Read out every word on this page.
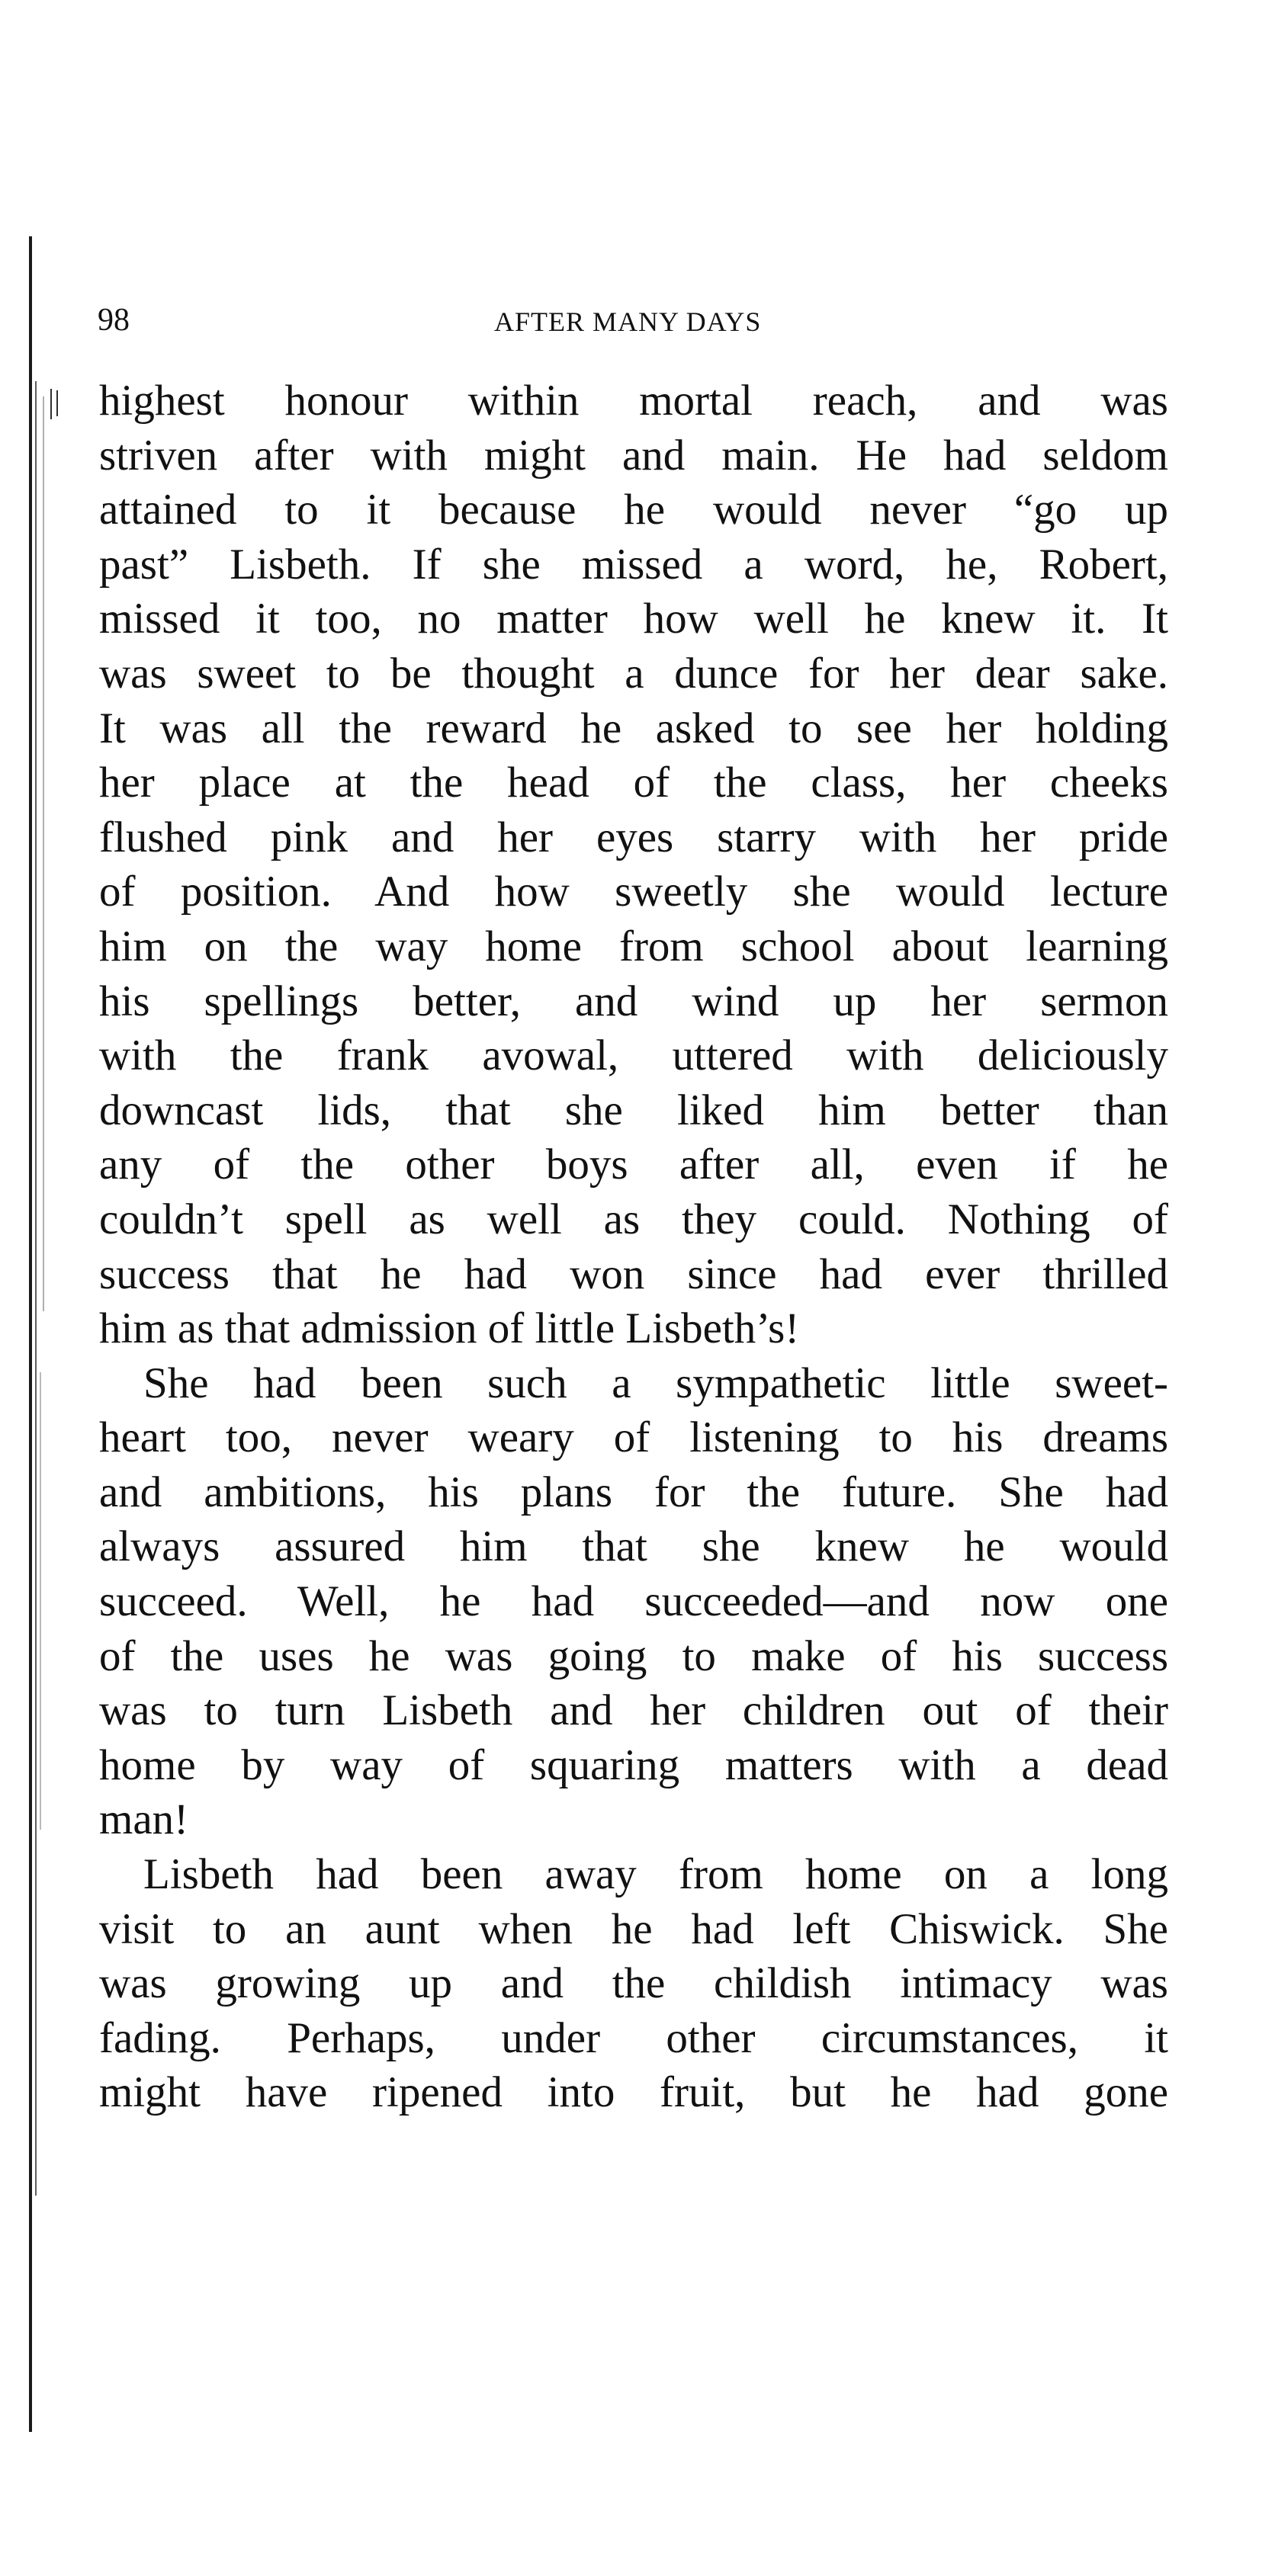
98	AFTER MANY DAYS
highest honour within mortal reach, and was
striven after with might and main. He had seldom
attained to it because he would never “go up
past” Lisbeth. If she missed a word, he, Robert,
missed it too, no matter how well he knew it. It
was sweet to be thought a dunce for her dear sake.
It was all the reward he asked to see her holding
her place at the head of the class, her cheeks
flushed pink and her eyes starry with her pride
of position. And how sweetly she would lecture
him on the way home from school about learning
his spellings better, and wind up her sermon
with the frank avowal, uttered with deliciously
downcast lids, that she liked him better than
any of the other boys after all, even if he
couldn’t spell as well as they could. Nothing of
success that he had won since had ever thrilled
him as that admission of little Lisbeth’s!
She had been such a sympathetic little sweet-
heart too, never weary of listening to his dreams
and ambitions, his plans for the future. She had
always assured him that she knew he would
succeed. Well, he had succeeded—and now one
of the uses he was going to make of his success
was to turn Lisbeth and her children out of their
home by way of squaring matters with a dead
man!
Lisbeth had been away from home on a long
visit to an aunt when he had left Chiswick. She
was growing up and the childish intimacy was
fading. Perhaps, under other circumstances, it
might have ripened into fruit, but he had gone
